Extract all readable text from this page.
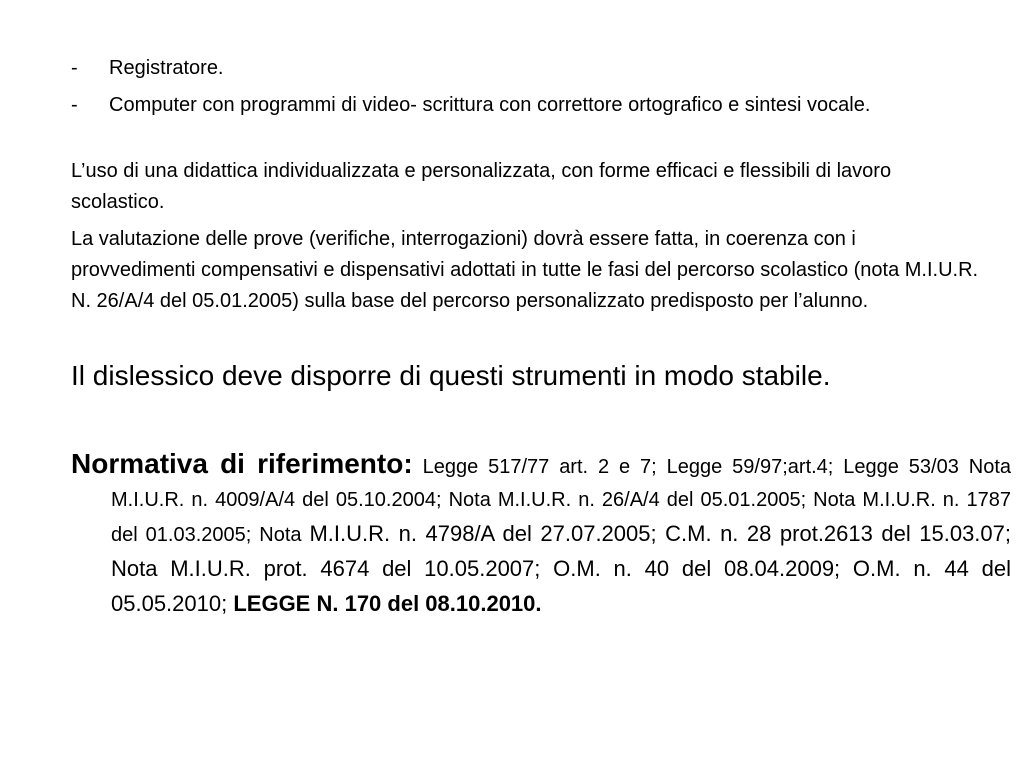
- Registratore.
- Computer con programmi di video- scrittura con correttore ortografico e sintesi vocale.
L’uso di una didattica individualizzata e personalizzata, con forme efficaci e flessibili di lavoro scolastico.
La valutazione delle prove (verifiche, interrogazioni) dovrà essere fatta, in coerenza con i provvedimenti compensativi e dispensativi adottati in tutte le fasi del percorso scolastico (nota M.I.U.R. N. 26/A/4 del 05.01.2005) sulla base del percorso personalizzato predisposto per l’alunno.
Il dislessico deve disporre di questi strumenti in modo stabile.
Normativa di riferimento: Legge 517/77 art. 2 e 7; Legge 59/97;art.4; Legge 53/03 Nota M.I.U.R. n. 4009/A/4 del 05.10.2004; Nota M.I.U.R. n. 26/A/4 del 05.01.2005; Nota M.I.U.R. n. 1787 del 01.03.2005; Nota M.I.U.R. n. 4798/A del 27.07.2005; C.M. n. 28 prot.2613 del 15.03.07; Nota M.I.U.R. prot. 4674 del 10.05.2007; O.M. n. 40 del 08.04.2009; O.M. n. 44 del 05.05.2010; LEGGE N. 170 del 08.10.2010.
